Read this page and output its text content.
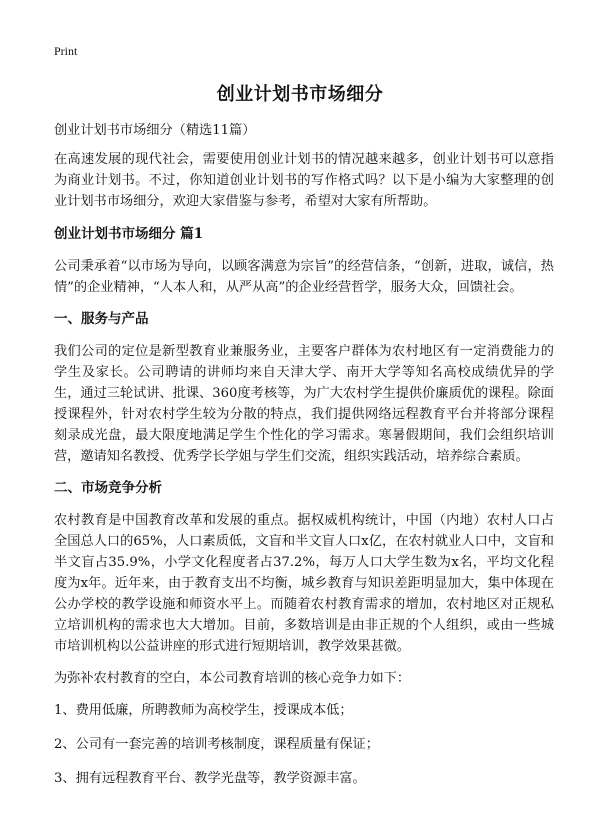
Print
创业计划书市场细分

创业计划书市场细分（精选11篇）

在高速发展的现代社会，需要使用创业计划书的情况越来越多，创业计划书可以意指为商业计划书。不过，你知道创业计划书的写作格式吗？以下是小编为大家整理的创业计划书市场细分，欢迎大家借鉴与参考，希望对大家有所帮助。

创业计划书市场细分 篇1

公司秉承着“以市场为导向，以顾客满意为宗旨”的经营信条，“创新，进取，诚信，热情”的企业精神，“人本人和，从严从高”的企业经营哲学，服务大众，回馈社会。

一、服务与产品

我们公司的定位是新型教育业兼服务业，主要客户群体为农村地区有一定消费能力的学生及家长。公司聘请的讲师均来自天津大学、南开大学等知名高校成绩优异的学生，通过三轮试讲、批课、360度考核等，为广大农村学生提供价廉质优的课程。除面授课程外，针对农村学生较为分散的特点，我们提供网络远程教育平台并将部分课程刻录成光盘，最大限度地满足学生个性化的学习需求。寒暑假期间，我们会组织培训营，邀请知名教授、优秀学长学姐与学生们交流，组织实践活动，培养综合素质。

二、市场竞争分析

农村教育是中国教育改革和发展的重点。据权威机构统计，中国（内地）农村人口占全国总人口的65%，人口素质低，文盲和半文盲人口x亿，在农村就业人口中，文盲和半文盲占35.9%，小学文化程度者占37.2%，每万人口大学生数为x名，平均文化程度为x年。近年来，由于教育支出不均衡，城乡教育与知识差距明显加大，集中体现在公办学校的教学设施和师资水平上。而随着农村教育需求的增加，农村地区对正规私立培训机构的需求也大大增加。目前，多数培训是由非正规的个人组织，或由一些城市培训机构以公益讲座的形式进行短期培训，教学效果甚微。

为弥补农村教育的空白，本公司教育培训的核心竞争力如下：

1、费用低廉，所聘教师为高校学生，授课成本低；

2、公司有一套完善的培训考核制度，课程质量有保证；

3、拥有远程教育平台、教学光盘等，教学资源丰富。
